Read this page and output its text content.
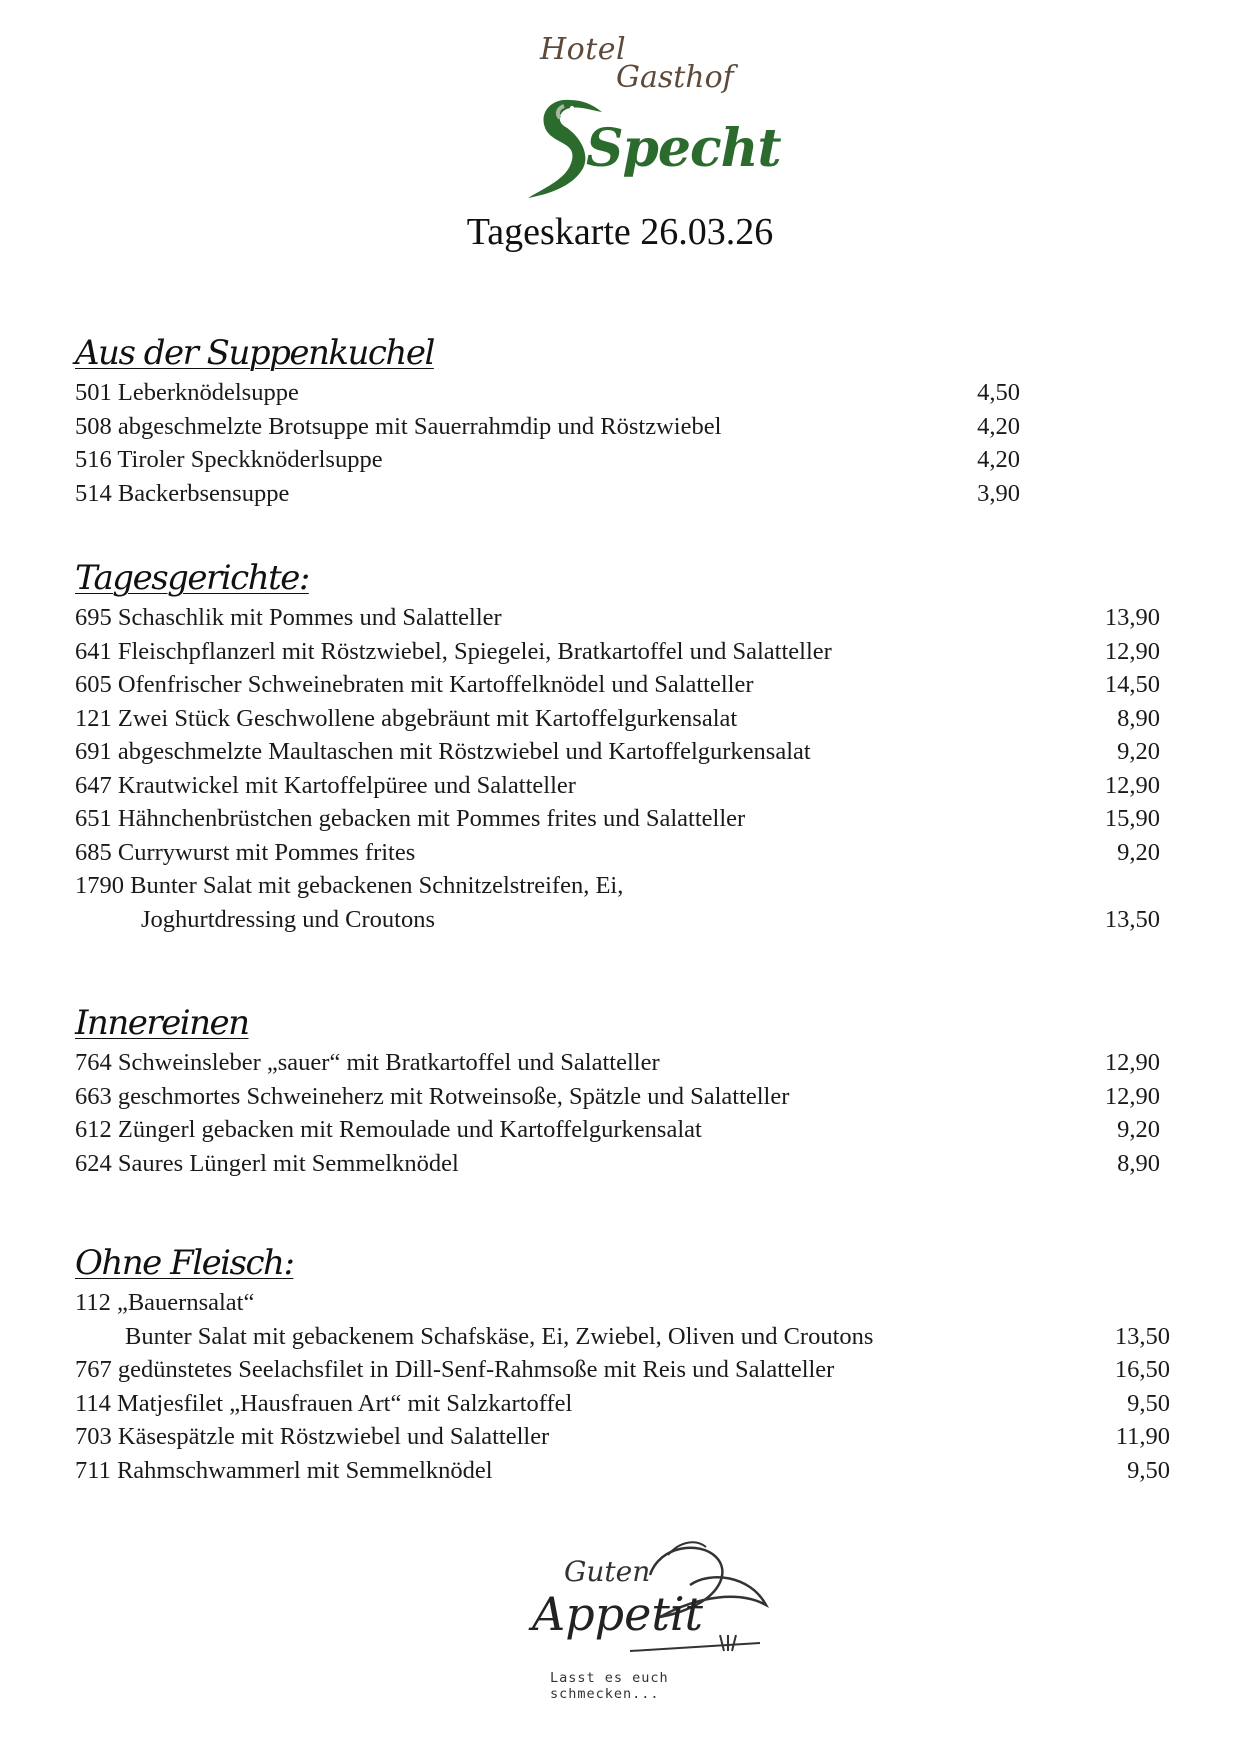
Hotel
Gasthof
Specht
Tageskarte 26.03.26
Aus der Suppenkuchel
501 Leberknödelsuppe	4,50
508 abgeschmelzte Brotsuppe mit Sauerrahmdip und Röstzwiebel	4,20
516 Tiroler Speckknöderlsuppe	4,20
514 Backerbsensuppe	3,90
Tagesgerichte:
695 Schaschlik mit Pommes und Salatteller	13,90
641 Fleischpflanzerl mit Röstzwiebel, Spiegelei, Bratkartoffel und Salatteller	12,90
605 Ofenfrischer Schweinebraten mit Kartoffelknödel und Salatteller	14,50
121 Zwei Stück Geschwollene abgebräunt mit Kartoffelgurkensalat	8,90
691 abgeschmelzte Maultaschen mit Röstzwiebel und Kartoffelgurkensalat	9,20
647 Krautwickel mit Kartoffelpüree und Salatteller	12,90
651 Hähnchenbrüstchen gebacken mit Pommes frites und Salatteller	15,90
685 Currywurst mit Pommes frites	9,20
1790 Bunter Salat mit gebackenen Schnitzelstreifen, Ei,
Joghurtdressing und Croutons	13,50
Innereinen
764 Schweinsleber „sauer“ mit Bratkartoffel und Salatteller	12,90
663 geschmortes Schweineherz mit Rotweinsoße, Spätzle und Salatteller	12,90
612 Züngerl gebacken mit Remoulade und Kartoffelgurkensalat	9,20
624 Saures Lüngerl mit Semmelknödel	8,90
Ohne Fleisch:
112 „Bauernsalat“
Bunter Salat mit gebackenem Schafskäse, Ei, Zwiebel, Oliven und Croutons	13,50
767 gedünstetes Seelachsfilet in Dill-Senf-Rahmsoße mit Reis und Salatteller	16,50
114 Matjesfilet „Hausfrauen Art“ mit Salzkartoffel	9,50
703 Käsespätzle mit Röstzwiebel und Salatteller	11,90
711 Rahmschwammerl mit Semmelknödel	9,50
Guten
Appetit
Lasst es euch schmecken...
